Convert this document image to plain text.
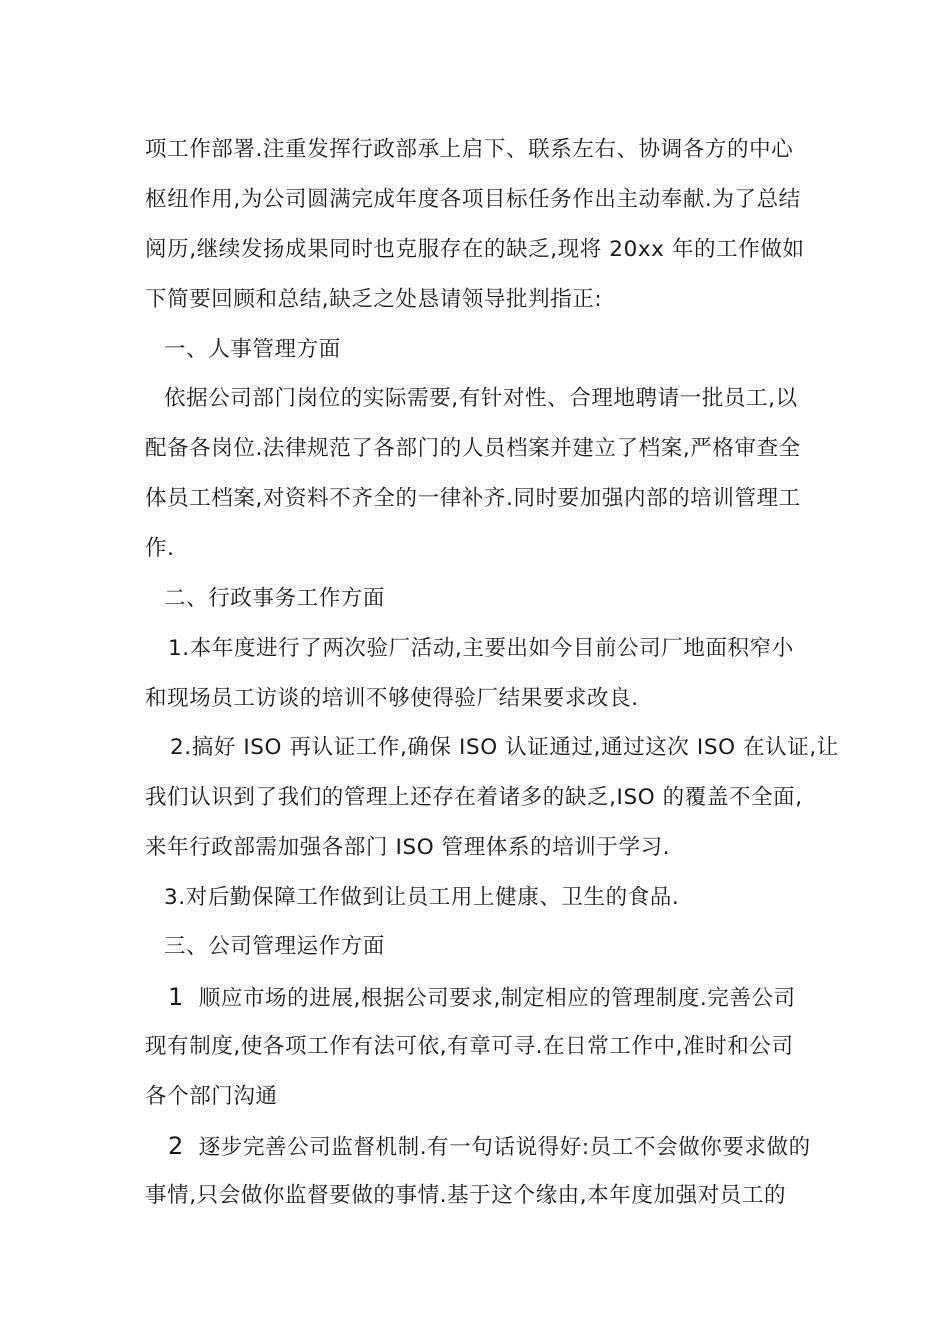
项工作部署.注重发挥行政部承上启下、联系左右、协调各方的中心
枢纽作用,为公司圆满完成年度各项目标任务作出主动奉献.为了总结
阅历,继续发扬成果同时也克服存在的缺乏,现将 20xx 年的工作做如
下简要回顾和总结,缺乏之处恳请领导批判指正:
一、人事管理方面
依据公司部门岗位的实际需要,有针对性、合理地聘请一批员工,以
配备各岗位.法律规范了各部门的人员档案并建立了档案,严格审查全
体员工档案,对资料不齐全的一律补齐.同时要加强内部的培训管理工
作.
二、行政事务工作方面
1.本年度进行了两次验厂活动,主要出如今目前公司厂地面积窄小
和现场员工访谈的培训不够使得验厂结果要求改良.
2.搞好 ISO 再认证工作,确保 ISO 认证通过,通过这次 ISO 在认证,让
我们认识到了我们的管理上还存在着诸多的缺乏,ISO 的覆盖不全面,
来年行政部需加强各部门 ISO 管理体系的培训于学习.
3.对后勤保障工作做到让员工用上健康、卫生的食品.
三、公司管理运作方面
1 顺应市场的进展,根据公司要求,制定相应的管理制度.完善公司
现有制度,使各项工作有法可依,有章可寻.在日常工作中,准时和公司
各个部门沟通
2 逐步完善公司监督机制.有一句话说得好:员工不会做你要求做的
事情,只会做你监督要做的事情.基于这个缘由,本年度加强对员工的
